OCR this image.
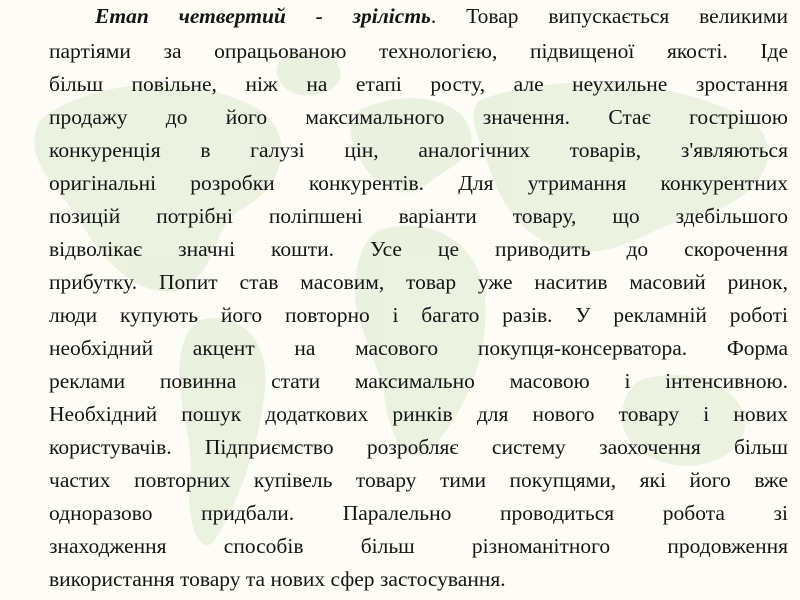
Етап четвертий - зрілість. Товар випускається великими
партіями за опрацьованою технологією, підвищеної якості. Іде
більш повільне, ніж на етапі росту, але неухильне зростання
продажу до його максимального значення. Стає гострішою
конкуренція в галузі цін, аналогічних товарів, з'являються
оригінальні розробки конкурентів. Для утримання конкурентних
позицій потрібні поліпшені варіанти товару, що здебільшого
відволікає значні кошти. Усе це приводить до скорочення
прибутку. Попит став масовим, товар уже наситив масовий ринок,
люди купують його повторно і багато разів. У рекламній роботі
необхідний акцент на масового покупця-консерватора. Форма
реклами повинна стати максимально масовою і інтенсивною.
Необхідний пошук додаткових ринків для нового товару і нових
користувачів. Підприємство розробляє систему заохочення більш
частих повторних купівель товару тими покупцями, які його вже
одноразово придбали. Паралельно проводиться робота зі
знаходження способів більш різноманітного продовження
використання товару та нових сфер застосування.
